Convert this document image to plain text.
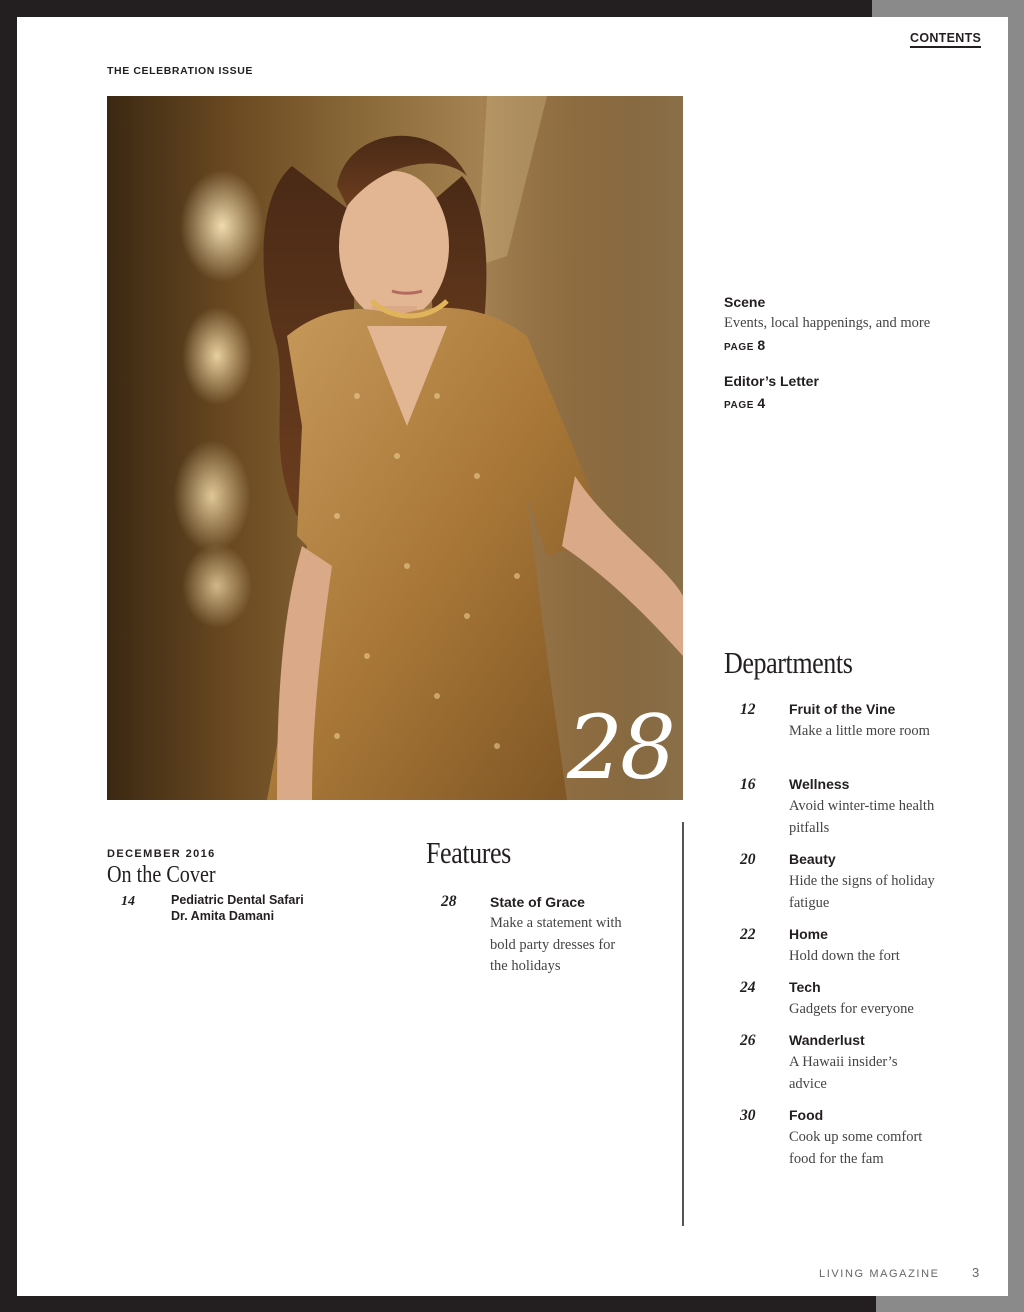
CONTENTS
THE CELEBRATION ISSUE
28
Scene
Events, local happenings, and more
PAGE 8
Editor’s Letter
PAGE 4
Departments
12 Fruit of the Vine
Make a little more room
16 Wellness
Avoid winter-time health pitfalls
20 Beauty
Hide the signs of holiday fatigue
22 Home
Hold down the fort
24 Tech
Gadgets for everyone
26 Wanderlust
A Hawaii insider’s advice
30 Food
Cook up some comfort food for the fam
DECEMBER 2016
On the Cover
14	Pediatric Dental Safari
Dr. Amita Damani
Features
28 State of Grace
Make a statement with bold party dresses for the holidays
LIVING MAGAZINE 3
